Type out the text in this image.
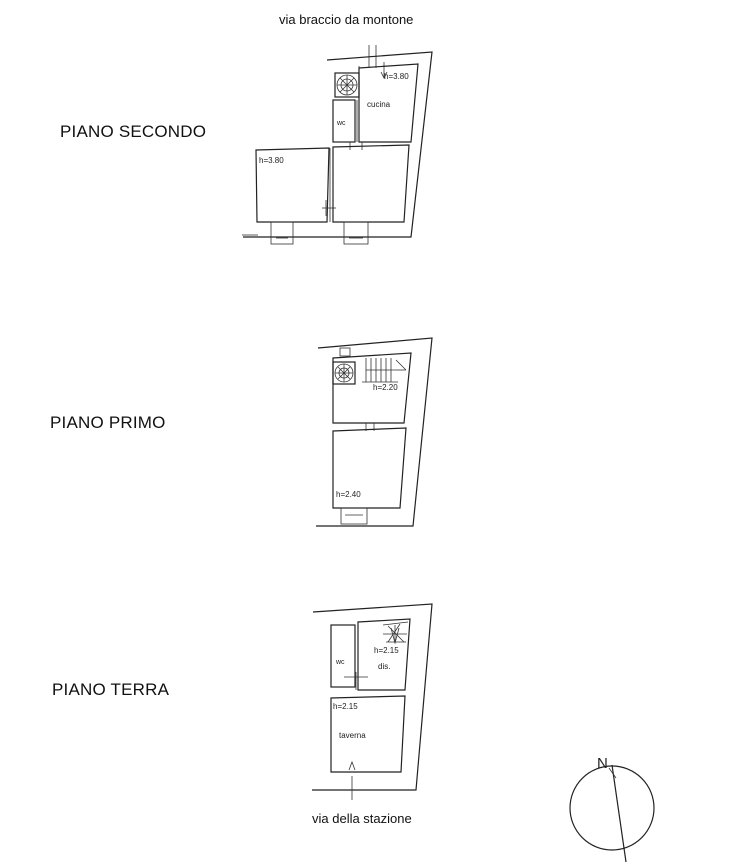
via braccio da montone
PIANO SECONDO
PIANO PRIMO
PIANO TERRA
via della stazione
h=3.80
cucina
wc
h=3.80
h=2.20
h=2.40
wc
h=2.15
dis.
h=2.15
taverna
N
